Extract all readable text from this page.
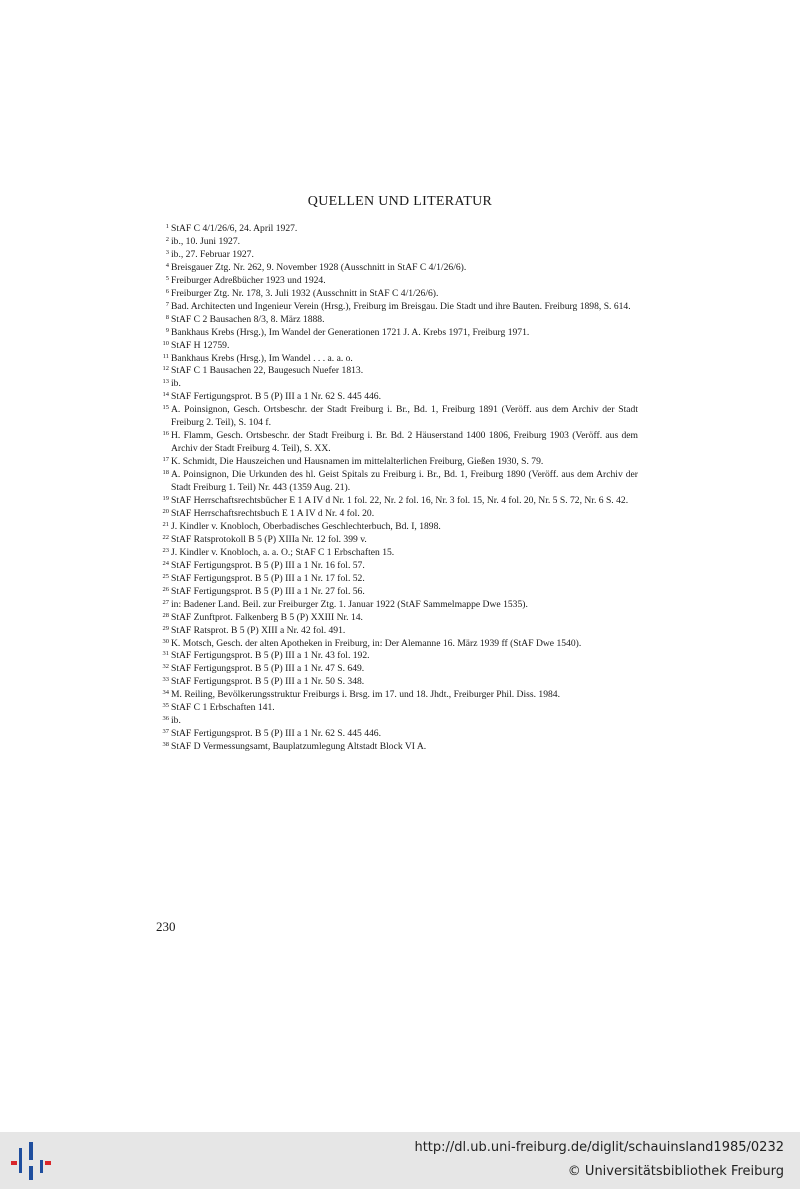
QUELLEN UND LITERATUR
1 StAF C 4/1/26/6, 24. April 1927.
2 ib., 10. Juni 1927.
3 ib., 27. Februar 1927.
4 Breisgauer Ztg. Nr. 262, 9. November 1928 (Ausschnitt in StAF C 4/1/26/6).
5 Freiburger Adreßbücher 1923 und 1924.
6 Freiburger Ztg. Nr. 178, 3. Juli 1932 (Ausschnitt in StAF C 4/1/26/6).
7 Bad. Architecten und Ingenieur Verein (Hrsg.), Freiburg im Breisgau. Die Stadt und ihre Bauten. Freiburg 1898, S. 614.
8 StAF C 2 Bausachen 8/3, 8. März 1888.
9 Bankhaus Krebs (Hrsg.), Im Wandel der Generationen 1721 J. A. Krebs 1971, Freiburg 1971.
10 StAF H 12759.
11 Bankhaus Krebs (Hrsg.), Im Wandel . . . a. a. o.
12 StAF C 1 Bausachen 22, Baugesuch Nuefer 1813.
13 ib.
14 StAF Fertigungsprot. B 5 (P) III a 1 Nr. 62 S. 445 446.
15 A. Poinsignon, Gesch. Ortsbeschr. der Stadt Freiburg i. Br., Bd. 1, Freiburg 1891 (Veröff. aus dem Archiv der Stadt Freiburg 2. Teil), S. 104 f.
16 H. Flamm, Gesch. Ortsbeschr. der Stadt Freiburg i. Br. Bd. 2 Häuserstand 1400 1806, Freiburg 1903 (Veröff. aus dem Archiv der Stadt Freiburg 4. Teil), S. XX.
17 K. Schmidt, Die Hauszeichen und Hausnamen im mittelalterlichen Freiburg, Gießen 1930, S. 79.
18 A. Poinsignon, Die Urkunden des hl. Geist Spitals zu Freiburg i. Br., Bd. 1, Freiburg 1890 (Veröff. aus dem Archiv der Stadt Freiburg 1. Teil) Nr. 443 (1359 Aug. 21).
19 StAF Herrschaftsrechtsbücher E 1 A IV d Nr. 1 fol. 22, Nr. 2 fol. 16, Nr. 3 fol. 15, Nr. 4 fol. 20, Nr. 5 S. 72, Nr. 6 S. 42.
20 StAF Herrschaftsrechtsbuch E 1 A IV d Nr. 4 fol. 20.
21 J. Kindler v. Knobloch, Oberbadisches Geschlechterbuch, Bd. I, 1898.
22 StAF Ratsprotokoll B 5 (P) XIIIa Nr. 12 fol. 399 v.
23 J. Kindler v. Knobloch, a. a. O.; StAF C 1 Erbschaften 15.
24 StAF Fertigungsprot. B 5 (P) III a 1 Nr. 16 fol. 57.
25 StAF Fertigungsprot. B 5 (P) III a 1 Nr. 17 fol. 52.
26 StAF Fertigungsprot. B 5 (P) III a 1 Nr. 27 fol. 56.
27 in: Badener Land. Beil. zur Freiburger Ztg. 1. Januar 1922 (StAF Sammelmappe Dwe 1535).
28 StAF Zunftprot. Falkenberg B 5 (P) XXIII Nr. 14.
29 StAF Ratsprot. B 5 (P) XIII a Nr. 42 fol. 491.
30 K. Motsch, Gesch. der alten Apotheken in Freiburg, in: Der Alemanne 16. März 1939 ff (StAF Dwe 1540).
31 StAF Fertigungsprot. B 5 (P) III a 1 Nr. 43 fol. 192.
32 StAF Fertigungsprot. B 5 (P) III a 1 Nr. 47 S. 649.
33 StAF Fertigungsprot. B 5 (P) III a 1 Nr. 50 S. 348.
34 M. Reiling, Bevölkerungsstruktur Freiburgs i. Brsg. im 17. und 18. Jhdt., Freiburger Phil. Diss. 1984.
35 StAF C 1 Erbschaften 141.
36 ib.
37 StAF Fertigungsprot. B 5 (P) III a 1 Nr. 62 S. 445 446.
38 StAF D Vermessungsamt, Bauplatzumlegung Altstadt Block VI A.
230
http://dl.ub.uni-freiburg.de/diglit/schauinsland1985/0232
© Universitätsbibliothek Freiburg
